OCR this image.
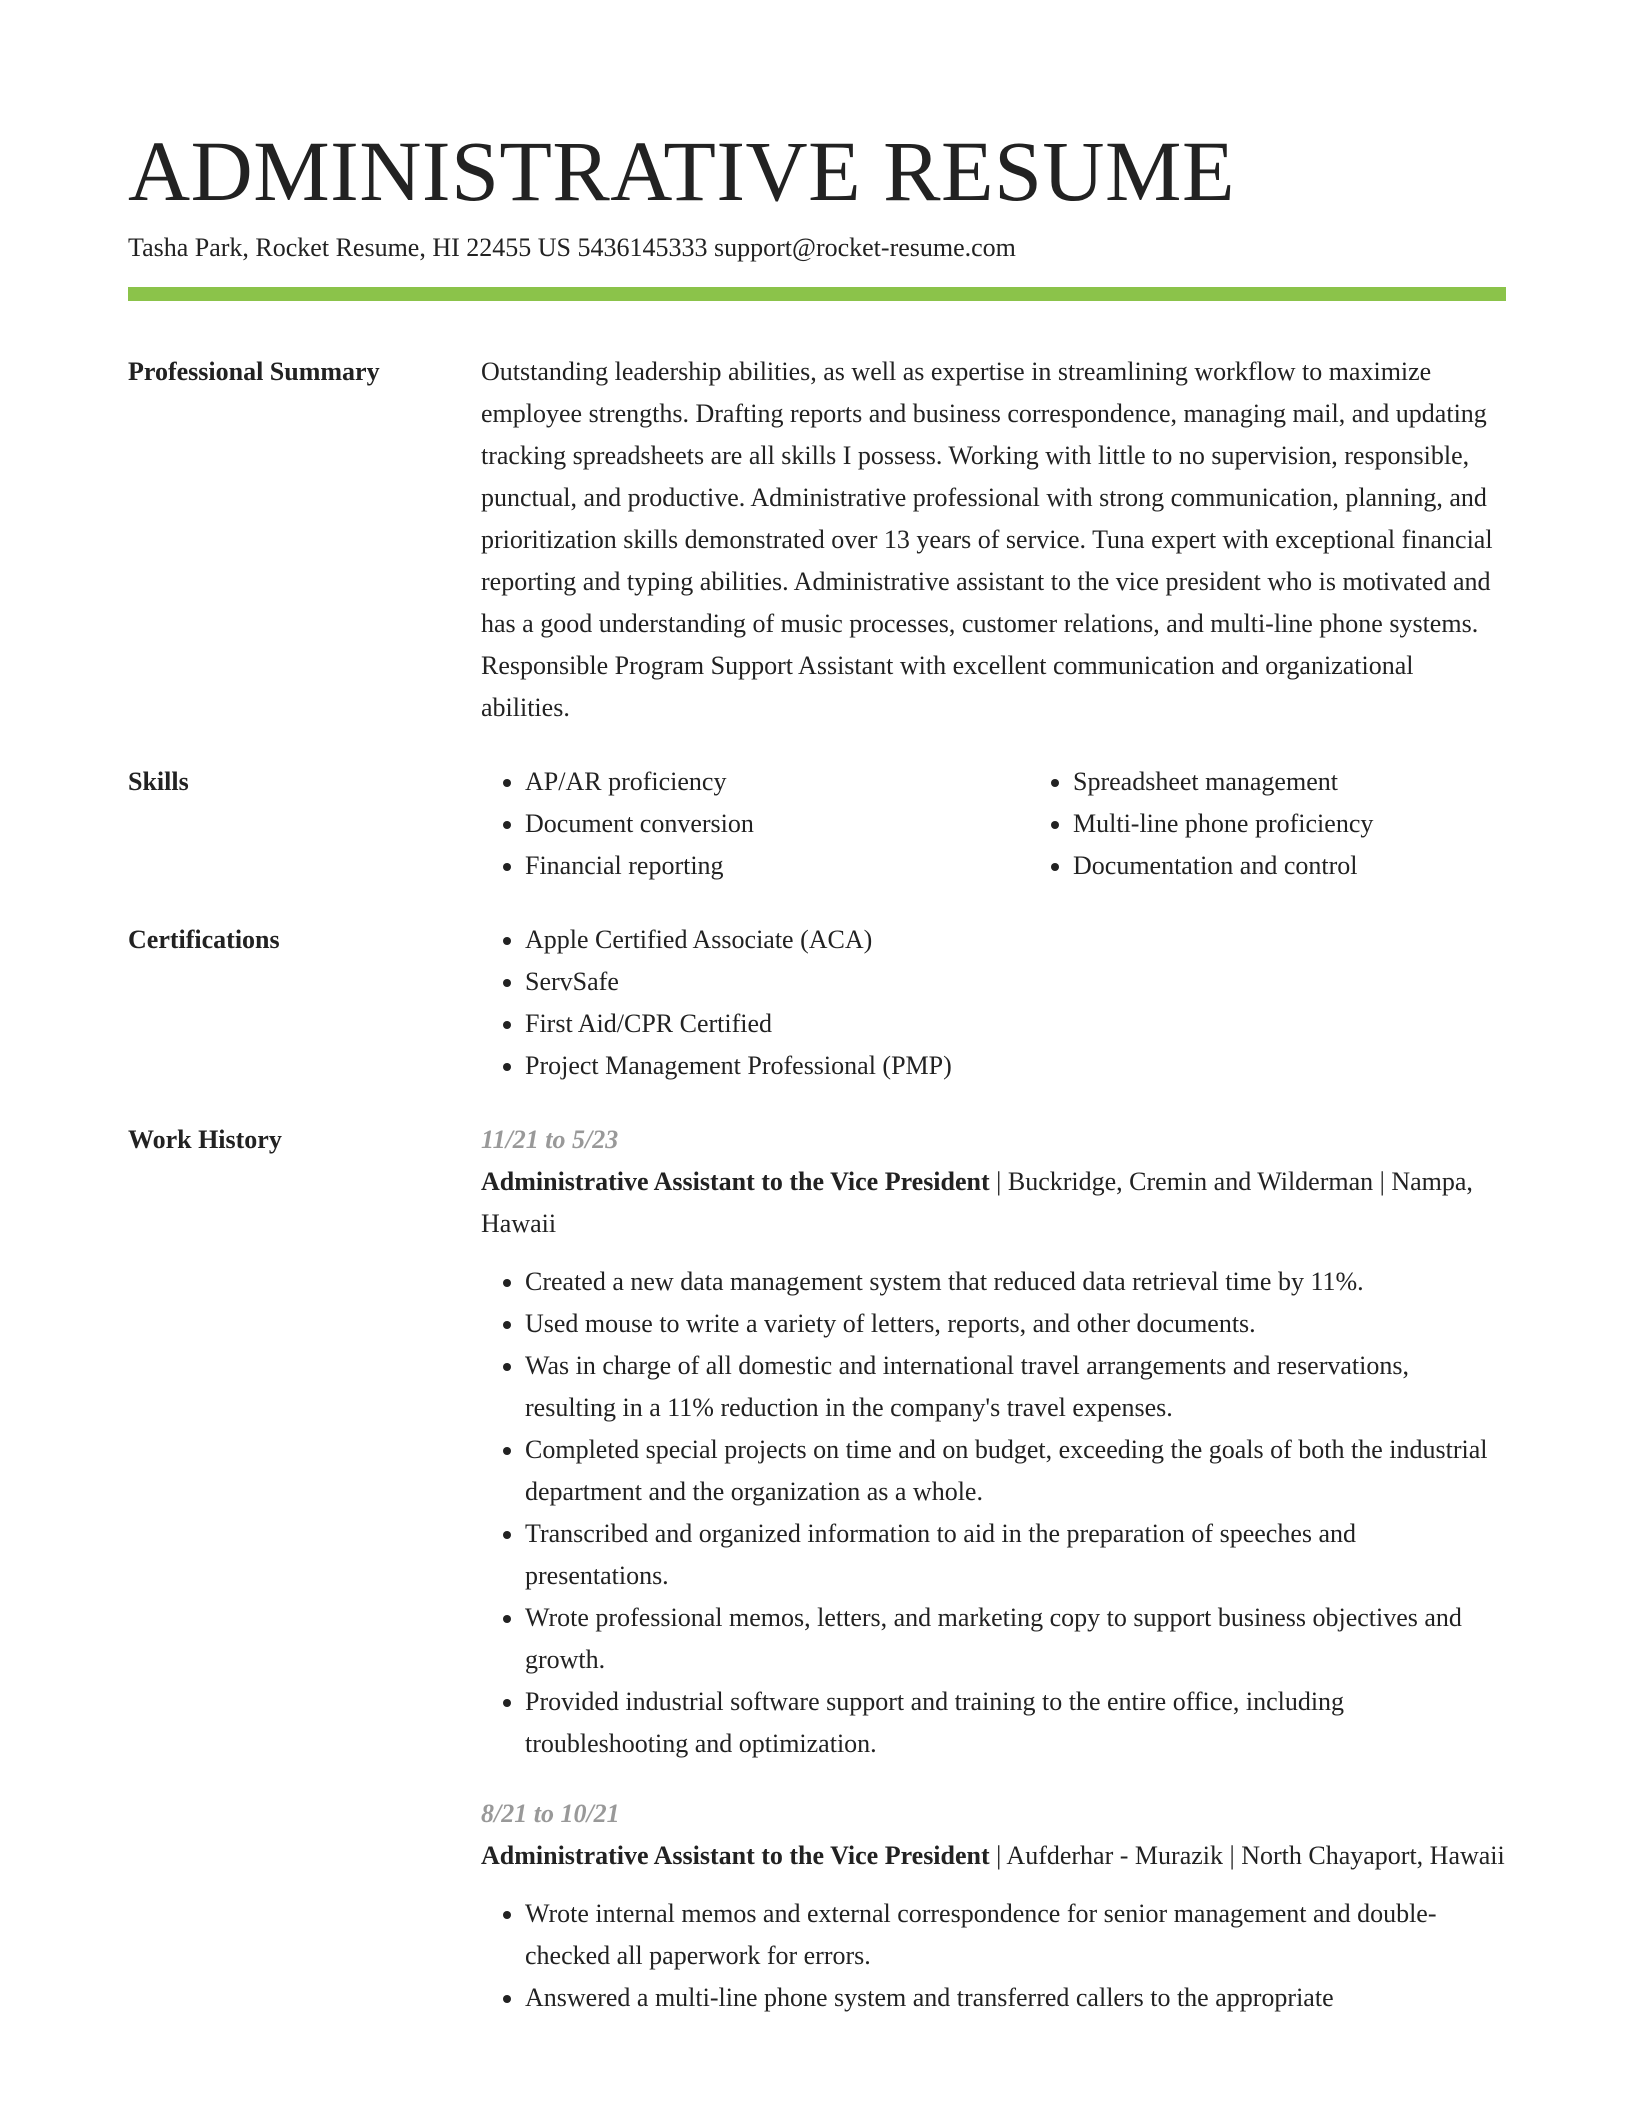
ADMINISTRATIVE RESUME
Tasha Park, Rocket Resume, HI 22455 US 5436145333 support@rocket-resume.com
Professional Summary	Outstanding leadership abilities, as well as expertise in streamlining workflow to maximize employee strengths. Drafting reports and business correspondence, managing mail, and updating tracking spreadsheets are all skills I possess. Working with little to no supervision, responsible, punctual, and productive. Administrative professional with strong communication, planning, and prioritization skills demonstrated over 13 years of service. Tuna expert with exceptional financial reporting and typing abilities. Administrative assistant to the vice president who is motivated and has a good understanding of music processes, customer relations, and multi-line phone systems. Responsible Program Support Assistant with excellent communication and organizational abilities.

Skills	• AP/AR proficiency
• Document conversion
• Financial reporting
• Spreadsheet management
• Multi-line phone proficiency
• Documentation and control
Certifications	• Apple Certified Associate (ACA)
• ServSafe
• First Aid/CPR Certified
• Project Management Professional (PMP)
Work History	11/21 to 5/23
Administrative Assistant to the Vice President | Buckridge, Cremin and Wilderman | Nampa, Hawaii
• Created a new data management system that reduced data retrieval time by 11%.
• Used mouse to write a variety of letters, reports, and other documents.
• Was in charge of all domestic and international travel arrangements and reservations, resulting in a 11% reduction in the company's travel expenses.
• Completed special projects on time and on budget, exceeding the goals of both the industrial department and the organization as a whole.
• Transcribed and organized information to aid in the preparation of speeches and presentations.
• Wrote professional memos, letters, and marketing copy to support business objectives and growth.
• Provided industrial software support and training to the entire office, including troubleshooting and optimization.
8/21 to 10/21
Administrative Assistant to the Vice President | Aufderhar - Murazik | North Chayaport, Hawaii
• Wrote internal memos and external correspondence for senior management and double-checked all paperwork for errors.
• Answered a multi-line phone system and transferred callers to the appropriate
